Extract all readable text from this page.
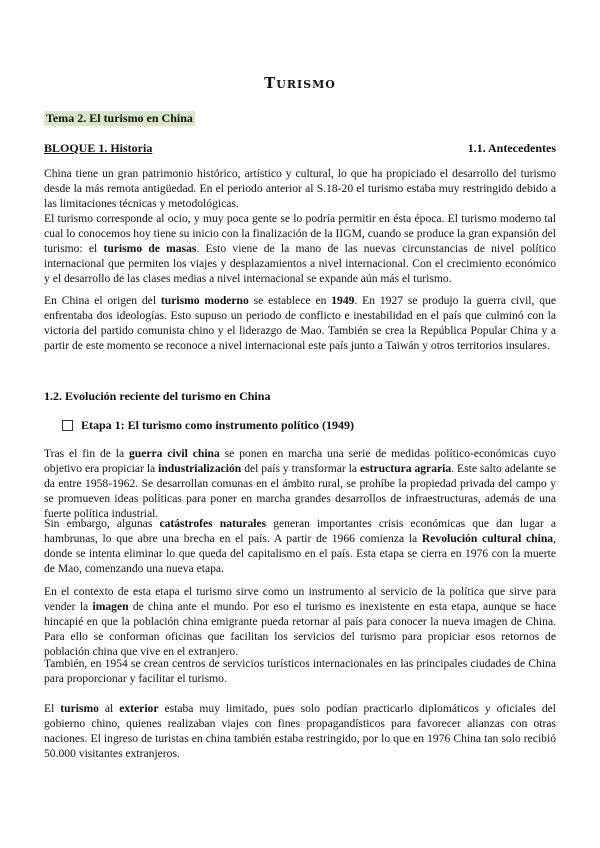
Turismo
Tema 2. El turismo en China
BLOQUE 1. Historia	1.1. Antecedentes

China tiene un gran patrimonio histórico, artístico y cultural, lo que ha propiciado el desarrollo del turismo desde la más remota antigüedad. En el periodo anterior al S.18-20 el turismo estaba muy restringido debido a las limitaciones técnicas y metodológicas.

El turismo corresponde al ocio, y muy poca gente se lo podría permitir en ésta época. El turismo moderno tal cual lo conocemos hoy tiene su inicio con la finalización de la IIGM, cuando se produce la gran expansión del turismo: el turismo de masas. Esto viene de la mano de las nuevas circunstancias de nivel político internacional que permiten los viajes y desplazamientos a nivel internacional. Con el crecimiento económico y el desarrollo de las clases medias a nivel internacional se expande aún más el turismo.

En China el origen del turismo moderno se establece en 1949. En 1927 se produjo la guerra civil, que enfrentaba dos ideologías. Esto supuso un periodo de conflicto e inestabilidad en el país que culminó con la victoria del partido comunista chino y el liderazgo de Mao. También se crea la República Popular China y a partir de este momento se reconoce a nivel internacional este país junto a Taiwán y otros territorios insulares.

1.2. Evolución reciente del turismo en China
Etapa 1: El turismo como instrumento político (1949)

Tras el fin de la guerra civil china se ponen en marcha una serie de medidas político-económicas cuyo objetivo era propiciar la industrialización del país y transformar la estructura agraria. Este salto adelante se da entre 1958-1962. Se desarrollan comunas en el ámbito rural, se prohíbe la propiedad privada del campo y se promueven ideas políticas para poner en marcha grandes desarrollos de infraestructuras, además de una fuerte política industrial.

Sin embargo, algunas catástrofes naturales generan importantes crisis económicas que dan lugar a hambrunas, lo que abre una brecha en el país. A partir de 1966 comienza la Revolución cultural china, donde se intenta eliminar lo que queda del capitalismo en el país. Esta etapa se cierra en 1976 con la muerte de Mao, comenzando una nueva etapa.

En el contexto de esta etapa el turismo sirve como un instrumento al servicio de la política que sirve para vender la imagen de china ante el mundo. Por eso el turismo es inexistente en esta etapa, aunque se hace hincapié en que la población china emigrante pueda retornar al país para conocer la nueva imagen de China. Para ello se conforman oficinas que facilitan los servicios del turismo para propiciar esos retornos de población china que vive en el extranjero.

También, en 1954 se crean centros de servicios turísticos internacionales en las principales ciudades de China para proporcionar y facilitar el turismo.

El turismo al exterior estaba muy limitado, pues solo podían practicarlo diplomáticos y oficiales del gobierno chino, quienes realizaban viajes con fines propagandísticos para favorecer alianzas con otras naciones. El ingreso de turistas en china también estaba restringido, por lo que en 1976 China tan solo recibió 50.000 visitantes extranjeros.
